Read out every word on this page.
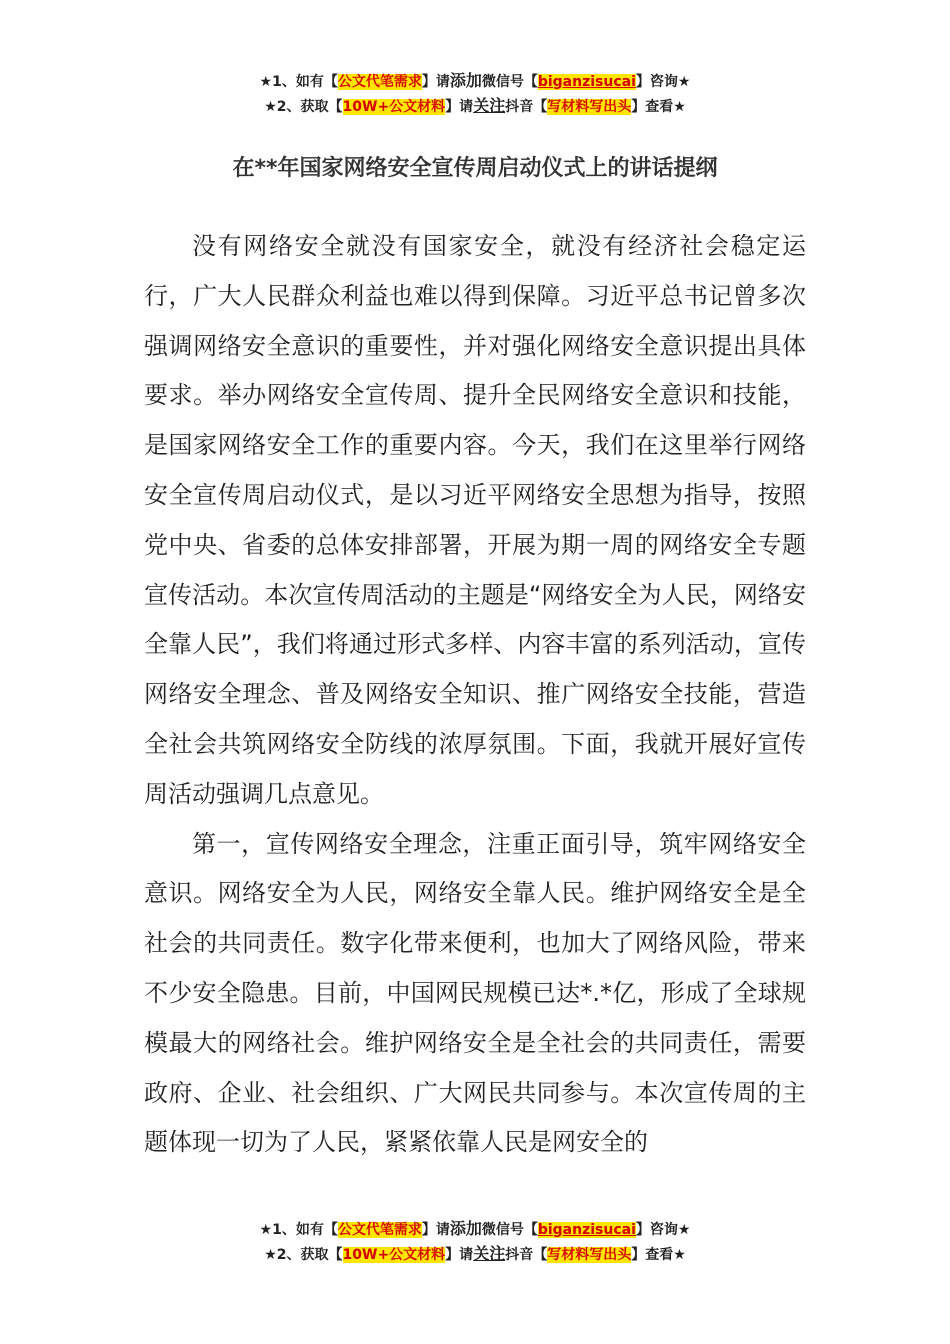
★1、如有【公文代笔需求】请添加微信号【biganzisucai】咨询★
★2、获取【10W+公文材料】请关注抖音【写材料写出头】查看★
在**年国家网络安全宣传周启动仪式上的讲话提纲

没有网络安全就没有国家安全，就没有经济社会稳定运行，广大人民群众利益也难以得到保障。习近平总书记曾多次强调网络安全意识的重要性，并对强化网络安全意识提出具体要求。举办网络安全宣传周、提升全民网络安全意识和技能，是国家网络安全工作的重要内容。今天，我们在这里举行网络安全宣传周启动仪式，是以习近平网络安全思想为指导，按照党中央、省委的总体安排部署，开展为期一周的网络安全专题宣传活动。本次宣传周活动的主题是“网络安全为人民，网络安全靠人民”，我们将通过形式多样、内容丰富的系列活动，宣传网络安全理念、普及网络安全知识、推广网络安全技能，营造全社会共筑网络安全防线的浓厚氛围。下面，我就开展好宣传周活动强调几点意见。

第一，宣传网络安全理念，注重正面引导，筑牢网络安全意识。网络安全为人民，网络安全靠人民。维护网络安全是全社会的共同责任。数字化带来便利，也加大了网络风险，带来不少安全隐患。目前，中国网民规模已达*.*亿，形成了全球规模最大的网络社会。维护网络安全是全社会的共同责任，需要政府、企业、社会组织、广大网民共同参与。本次宣传周的主题体现一切为了人民，紧紧依靠人民是网安全的

★1、如有【公文代笔需求】请添加微信号【biganzisucai】咨询★
★2、获取【10W+公文材料】请关注抖音【写材料写出头】查看★
